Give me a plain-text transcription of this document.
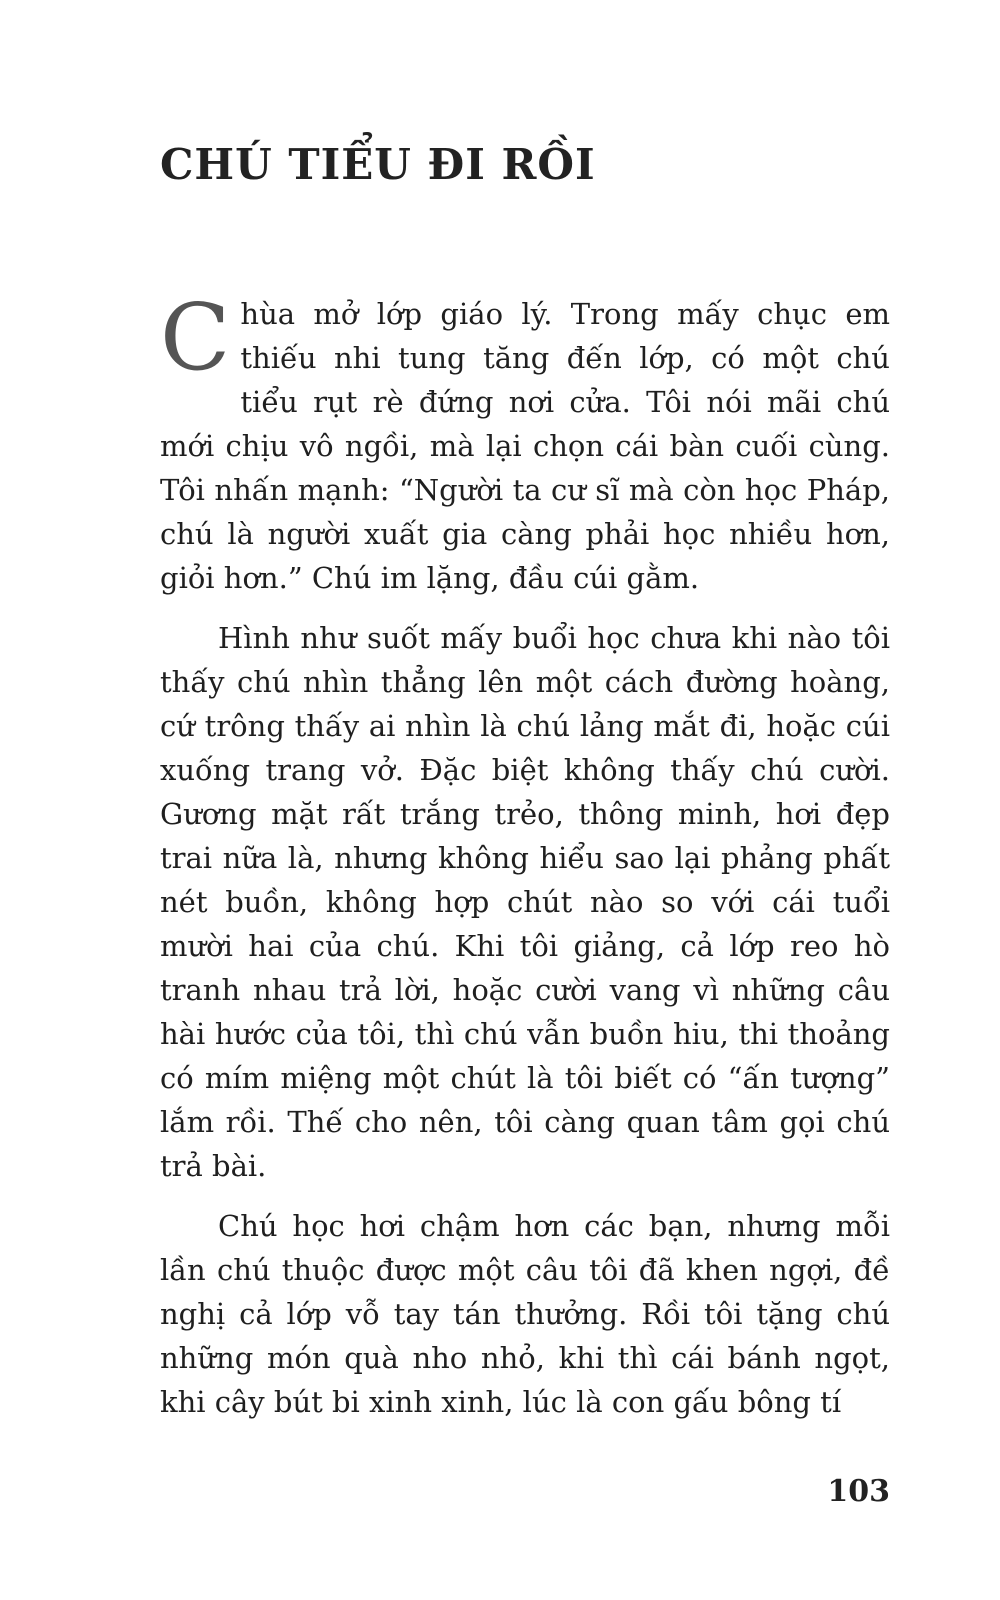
CHÚ TIỂU ĐI RỒI

Chùa mở lớp giáo lý. Trong mấy chục em thiếu nhi tung tăng đến lớp, có một chú tiểu rụt rè đứng nơi cửa. Tôi nói mãi chú mới chịu vô ngồi, mà lại chọn cái bàn cuối cùng. Tôi nhấn mạnh: “Người ta cư sĩ mà còn học Pháp, chú là người xuất gia càng phải học nhiều hơn, giỏi hơn.” Chú im lặng, đầu cúi gằm.

Hình như suốt mấy buổi học chưa khi nào tôi thấy chú nhìn thẳng lên một cách đường hoàng, cứ trông thấy ai nhìn là chú lảng mắt đi, hoặc cúi xuống trang vở. Đặc biệt không thấy chú cười. Gương mặt rất trắng trẻo, thông minh, hơi đẹp trai nữa là, nhưng không hiểu sao lại phảng phất nét buồn, không hợp chút nào so với cái tuổi mười hai của chú. Khi tôi giảng, cả lớp reo hò tranh nhau trả lời, hoặc cười vang vì những câu hài hước của tôi, thì chú vẫn buồn hiu, thi thoảng có mím miệng một chút là tôi biết có “ấn tượng” lắm rồi. Thế cho nên, tôi càng quan tâm gọi chú trả bài.

Chú học hơi chậm hơn các bạn, nhưng mỗi lần chú thuộc được một câu tôi đã khen ngợi, đề nghị cả lớp vỗ tay tán thưởng. Rồi tôi tặng chú những món quà nho nhỏ, khi thì cái bánh ngọt, khi cây bút bi xinh xinh, lúc là con gấu bông tí

103
